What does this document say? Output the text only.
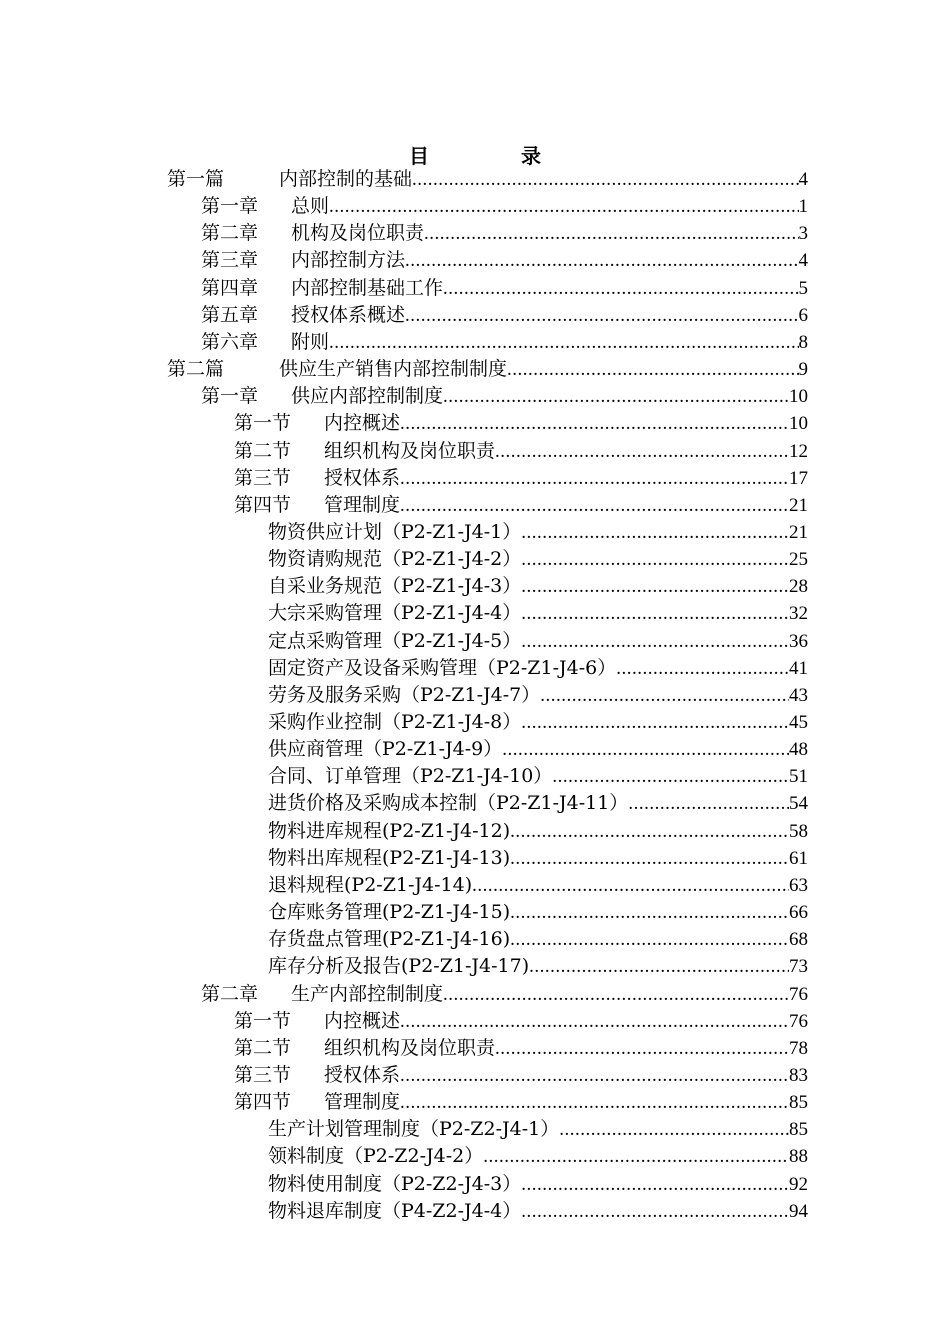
目　录
第一篇	内部控制的基础 .....	4
第一章	总则 .....	1
第二章	机构及岗位职责 .....	3
第三章	内部控制方法 .....	4
第四章	内部控制基础工作 .....	5
第五章	授权体系概述 .....	6
第六章	附则 .....	8
第二篇	供应生产销售内部控制制度 .....	9
第一章	供应内部控制制度 .....	10
第一节	内控概述 .....	10
第二节	组织机构及岗位职责 .....	12
第三节	授权体系 .....	17
第四节	管理制度 .....	21
物资供应计划（P2-Z1-J4-1） .....	21
物资请购规范（P2-Z1-J4-2） .....	25
自采业务规范（P2-Z1-J4-3） .....	28
大宗采购管理（P2-Z1-J4-4） .....	32
定点采购管理（P2-Z1-J4-5） .....	36
固定资产及设备采购管理（P2-Z1-J4-6） .....	41
劳务及服务采购（P2-Z1-J4-7） .....	43
采购作业控制（P2-Z1-J4-8） .....	45
供应商管理（P2-Z1-J4-9） .....	48
合同、订单管理（P2-Z1-J4-10） .....	51
进货价格及采购成本控制（P2-Z1-J4-11） .....	54
物料进库规程(P2-Z1-J4-12) .....	58
物料出库规程(P2-Z1-J4-13) .....	61
退料规程(P2-Z1-J4-14) .....	63
仓库账务管理(P2-Z1-J4-15) .....	66
存货盘点管理(P2-Z1-J4-16) .....	68
库存分析及报告(P2-Z1-J4-17) .....	73
第二章	生产内部控制制度 .....	76
第一节	内控概述 .....	76
第二节	组织机构及岗位职责 .....	78
第三节	授权体系 .....	83
第四节	管理制度 .....	85
生产计划管理制度（P2-Z2-J4-1） .....	85
领料制度（P2-Z2-J4-2） .....	88
物料使用制度（P2-Z2-J4-3） .....	92
物料退库制度（P4-Z2-J4-4） .....	94
